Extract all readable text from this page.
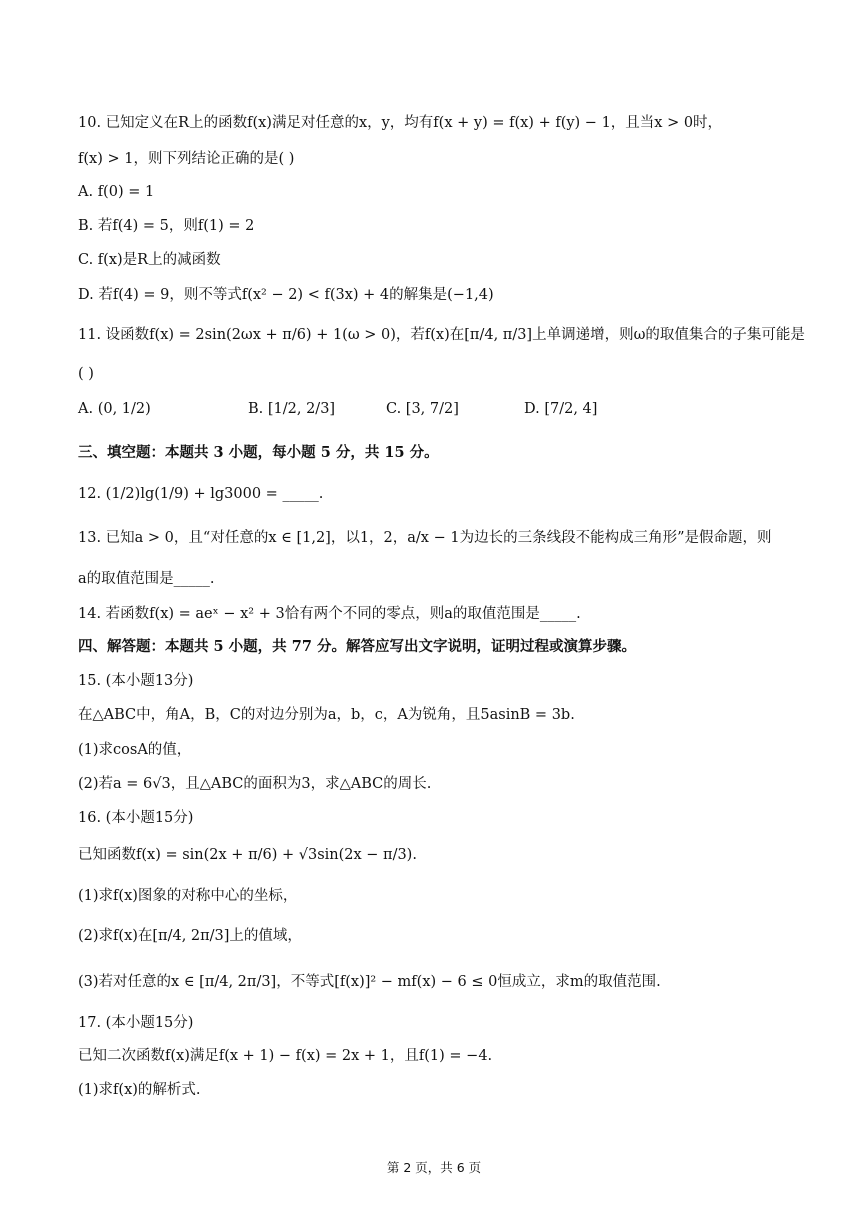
10. 已知定义在R上的函数f(x)满足对任意的x，y，均有f(x + y) = f(x) + f(y) − 1，且当x > 0时，
f(x) > 1，则下列结论正确的是( )
A. f(0) = 1
B. 若f(4) = 5，则f(1) = 2
C. f(x)是R上的减函数
D. 若f(4) = 9，则不等式f(x² − 2) < f(3x) + 4的解集是(−1,4)
11. 设函数f(x) = 2sin(2ωx + π/6) + 1(ω > 0)，若f(x)在[π/4, π/3]上单调递增，则ω的取值集合的子集可能是
( )
A. (0, 1/2)	B. [1/2, 2/3]	C. [3, 7/2]	D. [7/2, 4]
三、填空题：本题共 3 小题，每小题 5 分，共 15 分。
12. (1/2)lg(1/9) + lg3000 = _____.
13. 已知a > 0，且“对任意的x ∈ [1,2]，以1，2，a/x − 1为边长的三条线段不能构成三角形”是假命题，则
a的取值范围是_____.
14. 若函数f(x) = aeˣ − x² + 3恰有两个不同的零点，则a的取值范围是_____.
四、解答题：本题共 5 小题，共 77 分。解答应写出文字说明，证明过程或演算步骤。
15. (本小题13分)
在△ABC中，角A，B，C的对边分别为a，b，c，A为锐角，且5asinB = 3b.
(1)求cosA的值，
(2)若a = 6√3，且△ABC的面积为3，求△ABC的周长.
16. (本小题15分)
已知函数f(x) = sin(2x + π/6) + √3sin(2x − π/3).
(1)求f(x)图象的对称中心的坐标，
(2)求f(x)在[π/4, 2π/3]上的值域，
(3)若对任意的x ∈ [π/4, 2π/3]，不等式[f(x)]² − mf(x) − 6 ≤ 0恒成立，求m的取值范围.
17. (本小题15分)
已知二次函数f(x)满足f(x + 1) − f(x) = 2x + 1，且f(1) = −4.
(1)求f(x)的解析式.
第 2 页，共 6 页
